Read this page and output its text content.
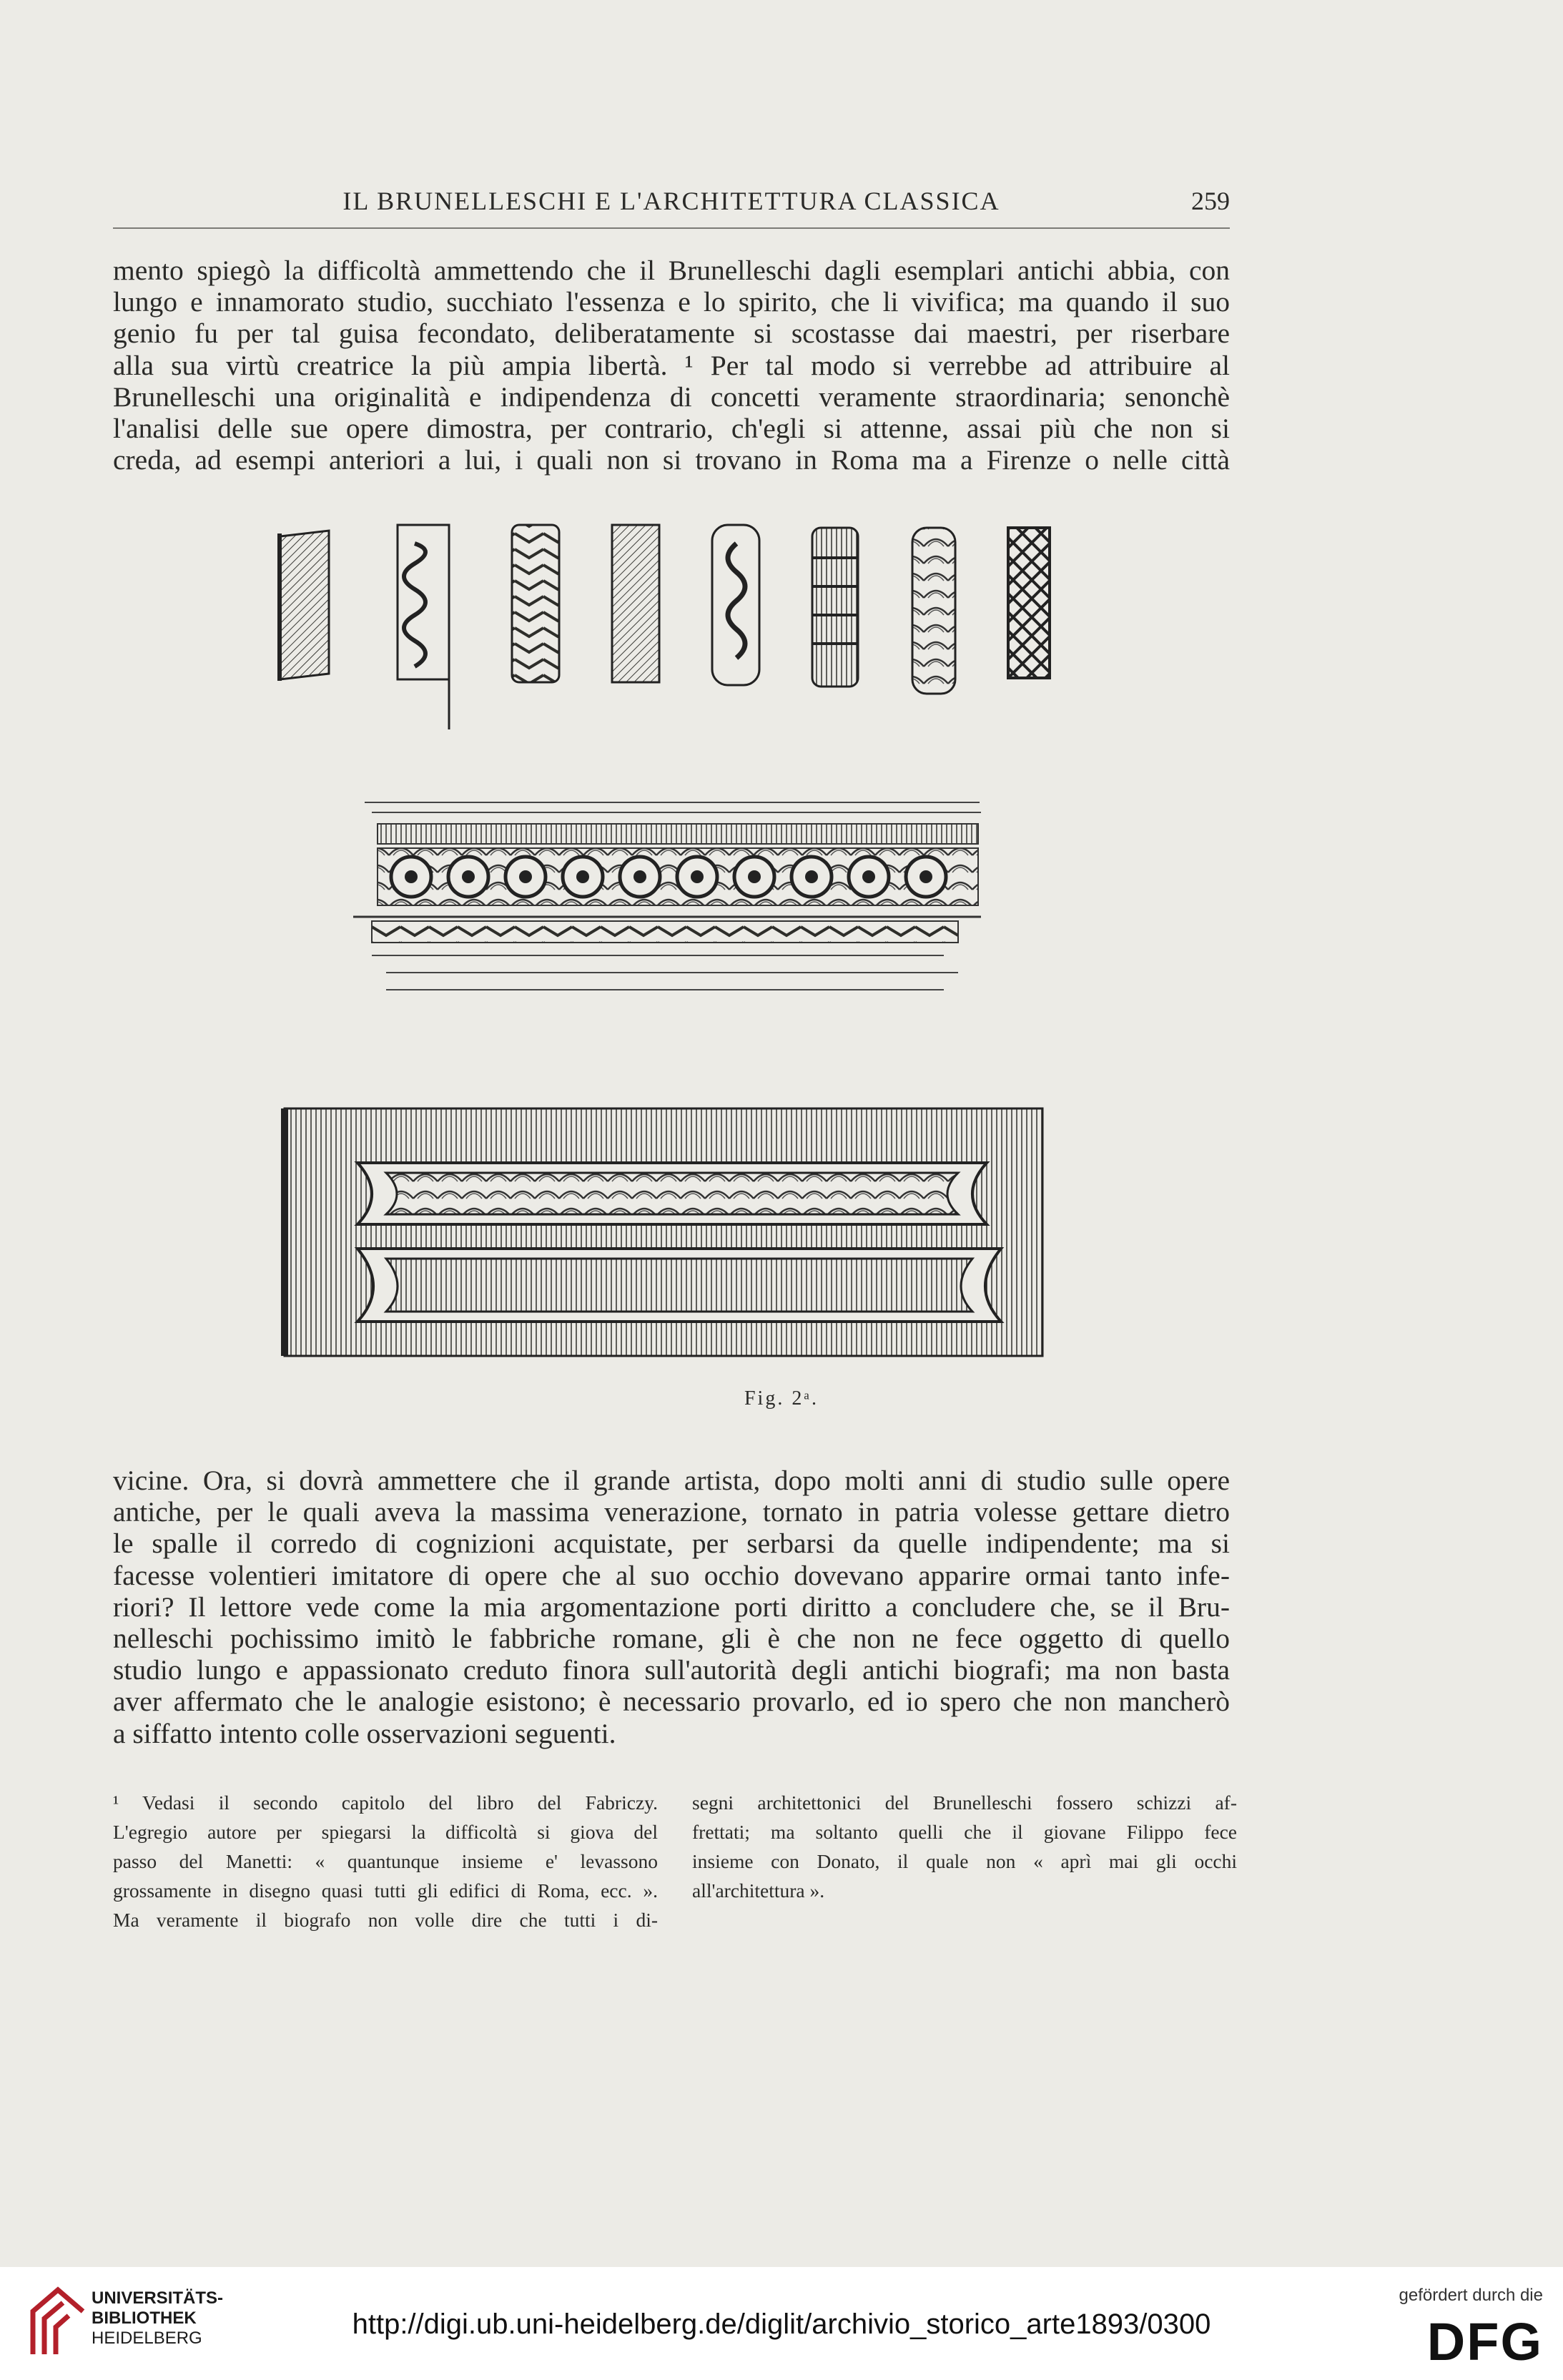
IL BRUNELLESCHI E L'ARCHITETTURA CLASSICA	259
mento spiegò la difficoltà ammettendo che il Brunelleschi dagli esemplari antichi abbia, con
lungo e innamorato studio, succhiato l'essenza e lo spirito, che li vivifica; ma quando il suo
genio fu per tal guisa fecondato, deliberatamente si scostasse dai maestri, per riserbare
alla sua virtù creatrice la più ampia libertà. ¹ Per tal modo si verrebbe ad attribuire al
Brunelleschi una originalità e indipendenza di concetti veramente straordinaria; senonchè
l'analisi delle sue opere dimostra, per contrario, ch'egli si attenne, assai più che non si
creda, ad esempi anteriori a lui, i quali non si trovano in Roma ma a Firenze o nelle città
Fig. 2ᵃ.
vicine. Ora, si dovrà ammettere che il grande artista, dopo molti anni di studio sulle opere
antiche, per le quali aveva la massima venerazione, tornato in patria volesse gettare dietro
le spalle il corredo di cognizioni acquistate, per serbarsi da quelle indipendente; ma si
facesse volentieri imitatore di opere che al suo occhio dovevano apparire ormai tanto infe-
riori? Il lettore vede come la mia argomentazione porti diritto a concludere che, se il Bru-
nelleschi pochissimo imitò le fabbriche romane, gli è che non ne fece oggetto di quello
studio lungo e appassionato creduto finora sull'autorità degli antichi biografi; ma non basta
aver affermato che le analogie esistono; è necessario provarlo, ed io spero che non mancherò
a siffatto intento colle osservazioni seguenti.
¹ Vedasi il secondo capitolo del libro del Fabriczy.
L'egregio autore per spiegarsi la difficoltà si giova del
passo del Manetti: « quantunque insieme e' levassono
grossamente in disegno quasi tutti gli edifici di Roma, ecc. ».
Ma veramente il biografo non volle dire che tutti i di-
segni architettonici del Brunelleschi fossero schizzi af-
frettati; ma soltanto quelli che il giovane Filippo fece
insieme con Donato, il quale non « aprì mai gli occhi
all'architettura ».
UNIVERSITÄTS-
BIBLIOTHEK
HEIDELBERG	http://digi.ub.uni-heidelberg.de/diglit/archivio_storico_arte1893/0300
gefördert durch die
DFG
